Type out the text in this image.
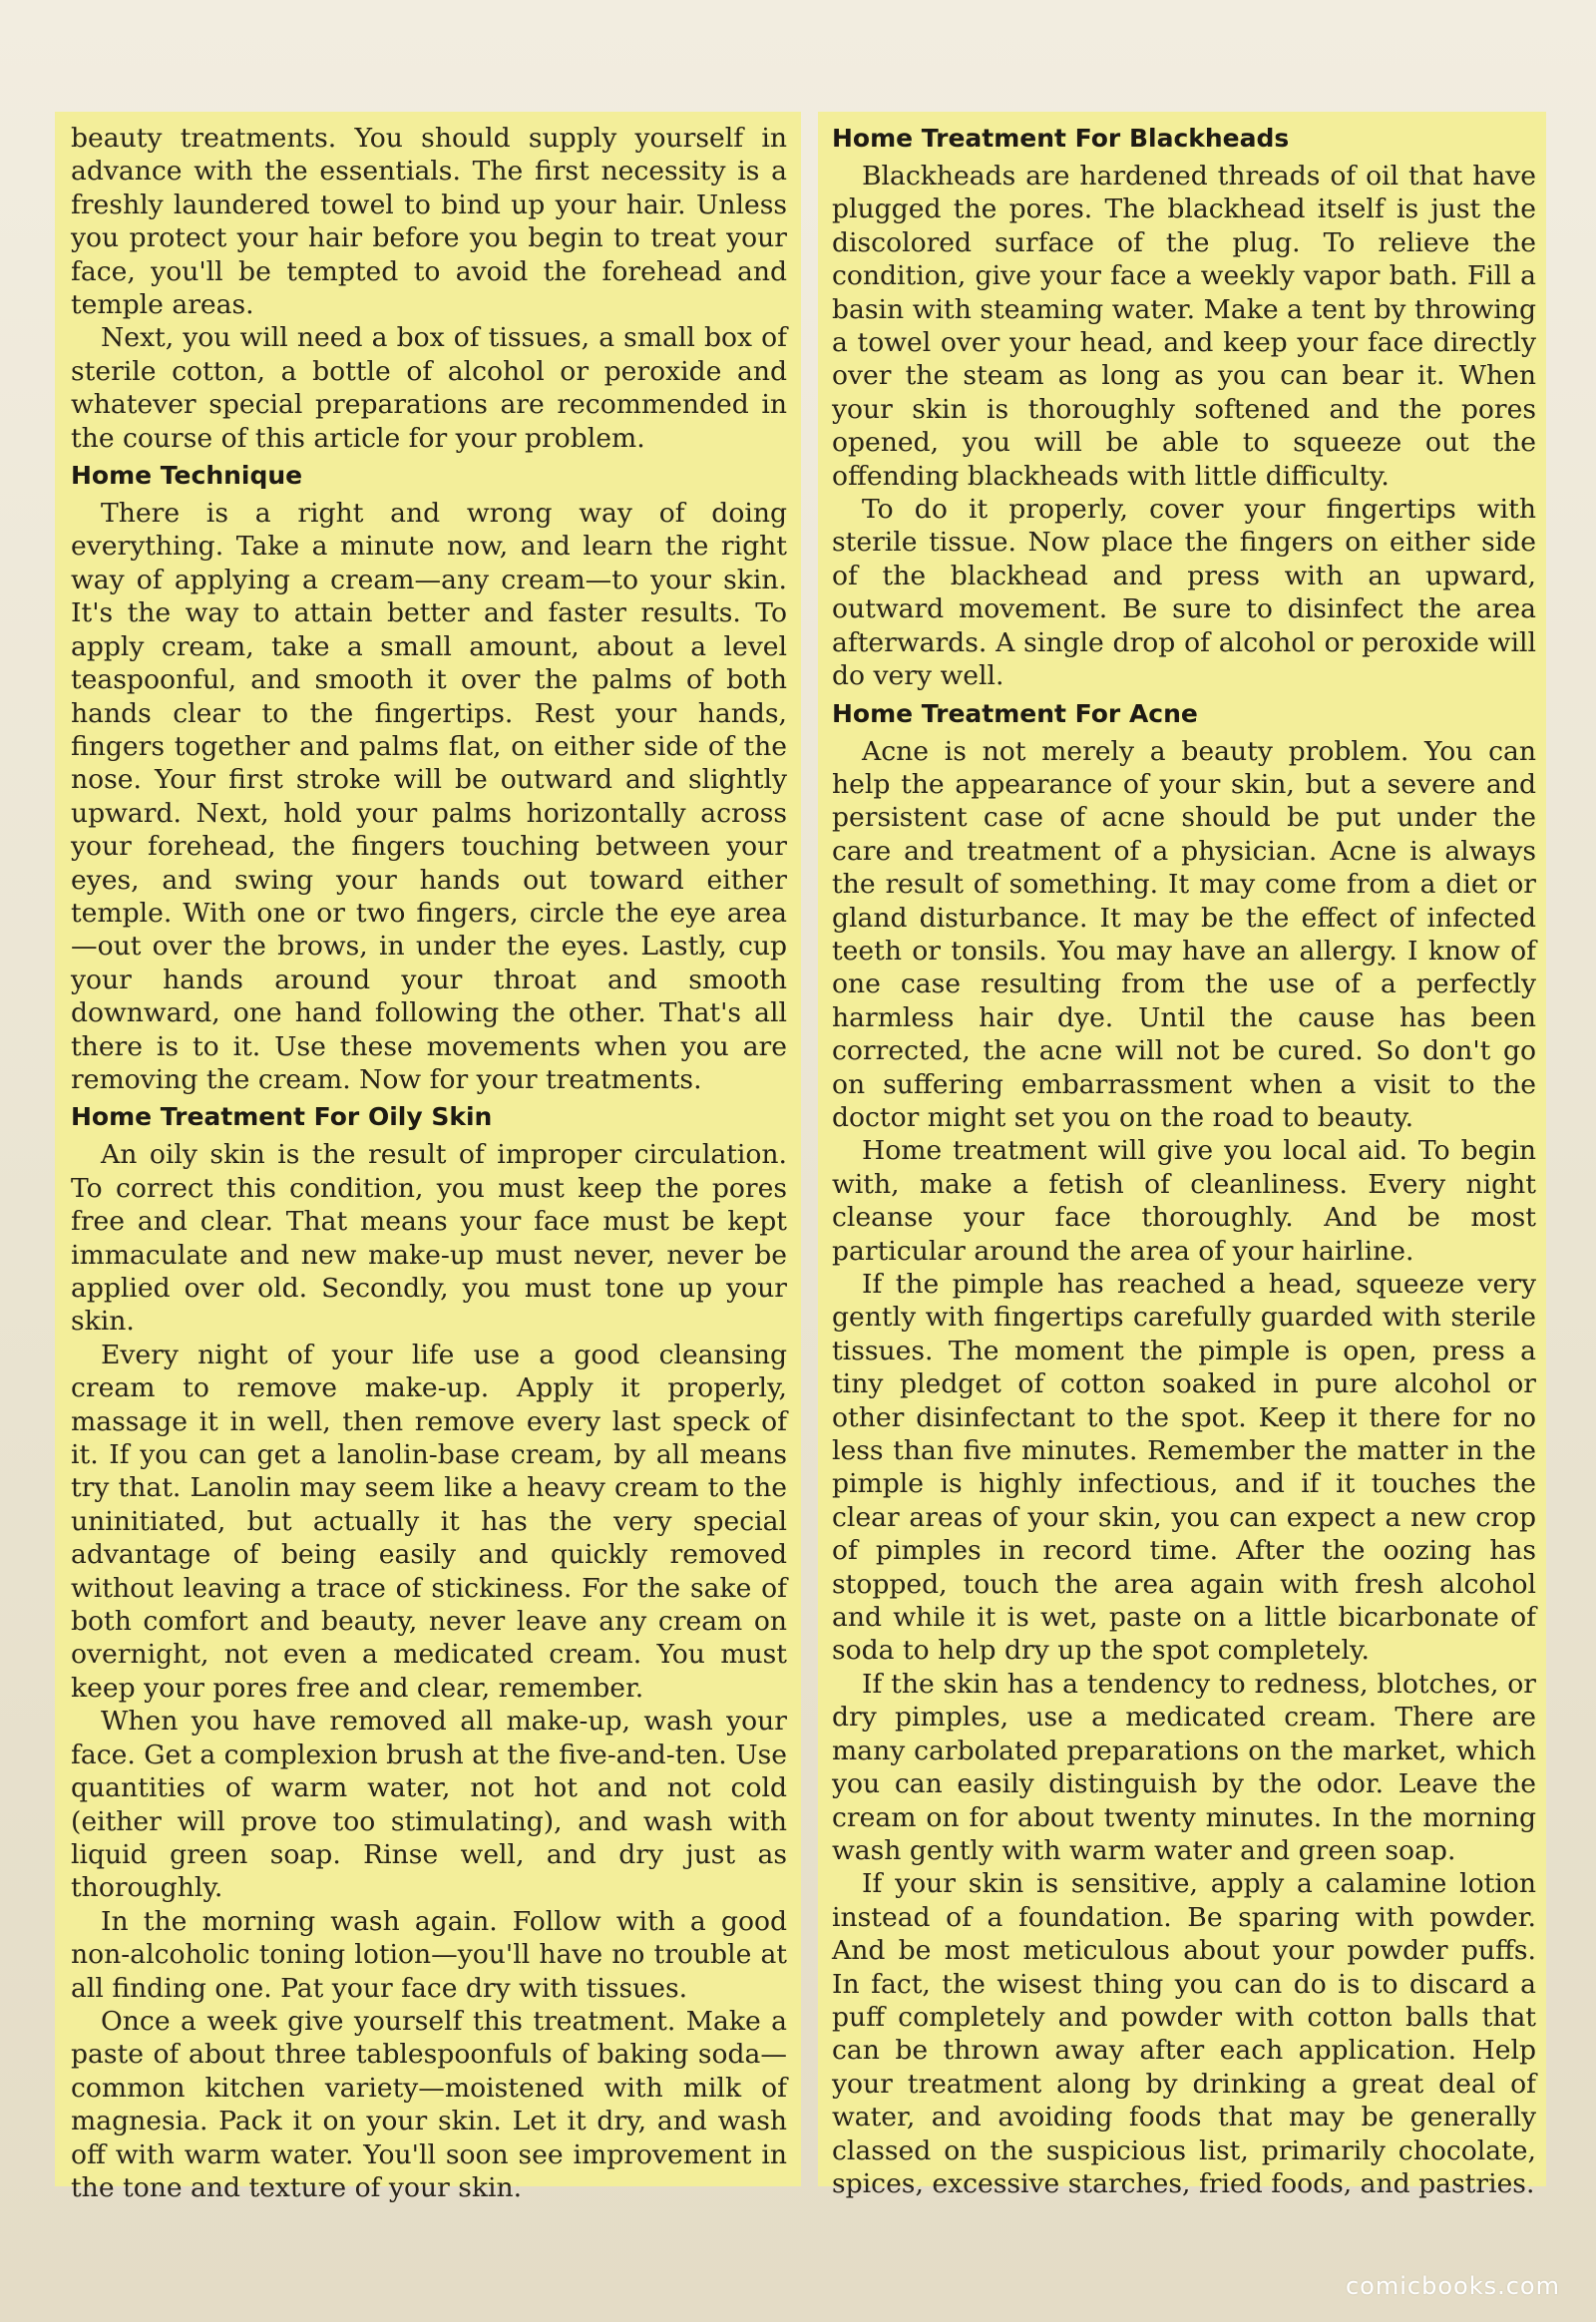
beauty treatments. You should supply yourself in advance with the essentials. The first necessity is a freshly laundered towel to bind up your hair. Unless you protect your hair before you begin to treat your face, you'll be tempted to avoid the forehead and temple areas.

Next, you will need a box of tissues, a small box of sterile cotton, a bottle of alcohol or peroxide and whatever special preparations are recommended in the course of this article for your problem.

Home Technique

There is a right and wrong way of doing everything. Take a minute now, and learn the right way of applying a cream—any cream—to your skin. It's the way to attain better and faster results. To apply cream, take a small amount, about a level teaspoonful, and smooth it over the palms of both hands clear to the fingertips. Rest your hands, fingers together and palms flat, on either side of the nose. Your first stroke will be outward and slightly upward. Next, hold your palms horizontally across your forehead, the fingers touching between your eyes, and swing your hands out toward either temple. With one or two fingers, circle the eye area—out over the brows, in under the eyes. Lastly, cup your hands around your throat and smooth downward, one hand following the other. That's all there is to it. Use these movements when you are removing the cream. Now for your treatments.

Home Treatment For Oily Skin

An oily skin is the result of improper circulation. To correct this condition, you must keep the pores free and clear. That means your face must be kept immaculate and new make-up must never, never be applied over old. Secondly, you must tone up your skin.

Every night of your life use a good cleansing cream to remove make-up. Apply it properly, massage it in well, then remove every last speck of it. If you can get a lanolin-base cream, by all means try that. Lanolin may seem like a heavy cream to the uninitiated, but actually it has the very special advantage of being easily and quickly removed without leaving a trace of stickiness. For the sake of both comfort and beauty, never leave any cream on overnight, not even a medicated cream. You must keep your pores free and clear, remember.

When you have removed all make-up, wash your face. Get a complexion brush at the five-and-ten. Use quantities of warm water, not hot and not cold (either will prove too stimulating), and wash with liquid green soap. Rinse well, and dry just as thoroughly.

In the morning wash again. Follow with a good non-alcoholic toning lotion—you'll have no trouble at all finding one. Pat your face dry with tissues.

Once a week give yourself this treatment. Make a paste of about three tablespoonfuls of baking soda—common kitchen variety—moistened with milk of magnesia. Pack it on your skin. Let it dry, and wash off with warm water. You'll soon see improvement in the tone and texture of your skin.

Home Treatment For Blackheads

Blackheads are hardened threads of oil that have plugged the pores. The blackhead itself is just the discolored surface of the plug. To relieve the condition, give your face a weekly vapor bath. Fill a basin with steaming water. Make a tent by throwing a towel over your head, and keep your face directly over the steam as long as you can bear it. When your skin is thoroughly softened and the pores opened, you will be able to squeeze out the offending blackheads with little difficulty.

To do it properly, cover your fingertips with sterile tissue. Now place the fingers on either side of the blackhead and press with an upward, outward movement. Be sure to disinfect the area afterwards. A single drop of alcohol or peroxide will do very well.

Home Treatment For Acne

Acne is not merely a beauty problem. You can help the appearance of your skin, but a severe and persistent case of acne should be put under the care and treatment of a physician. Acne is always the result of something. It may come from a diet or gland disturbance. It may be the effect of infected teeth or tonsils. You may have an allergy. I know of one case resulting from the use of a perfectly harmless hair dye. Until the cause has been corrected, the acne will not be cured. So don't go on suffering embarrassment when a visit to the doctor might set you on the road to beauty.

Home treatment will give you local aid. To begin with, make a fetish of cleanliness. Every night cleanse your face thoroughly. And be most particular around the area of your hairline.

If the pimple has reached a head, squeeze very gently with fingertips carefully guarded with sterile tissues. The moment the pimple is open, press a tiny pledget of cotton soaked in pure alcohol or other disinfectant to the spot. Keep it there for no less than five minutes. Remember the matter in the pimple is highly infectious, and if it touches the clear areas of your skin, you can expect a new crop of pimples in record time. After the oozing has stopped, touch the area again with fresh alcohol and while it is wet, paste on a little bicarbonate of soda to help dry up the spot completely.

If the skin has a tendency to redness, blotches, or dry pimples, use a medicated cream. There are many carbolated preparations on the market, which you can easily distinguish by the odor. Leave the cream on for about twenty minutes. In the morning wash gently with warm water and green soap.

If your skin is sensitive, apply a calamine lotion instead of a foundation. Be sparing with powder. And be most meticulous about your powder puffs. In fact, the wisest thing you can do is to discard a puff completely and powder with cotton balls that can be thrown away after each application. Help your treatment along by drinking a great deal of water, and avoiding foods that may be generally classed on the suspicious list, primarily chocolate, spices, excessive starches, fried foods, and pastries.

comicbooks.com
